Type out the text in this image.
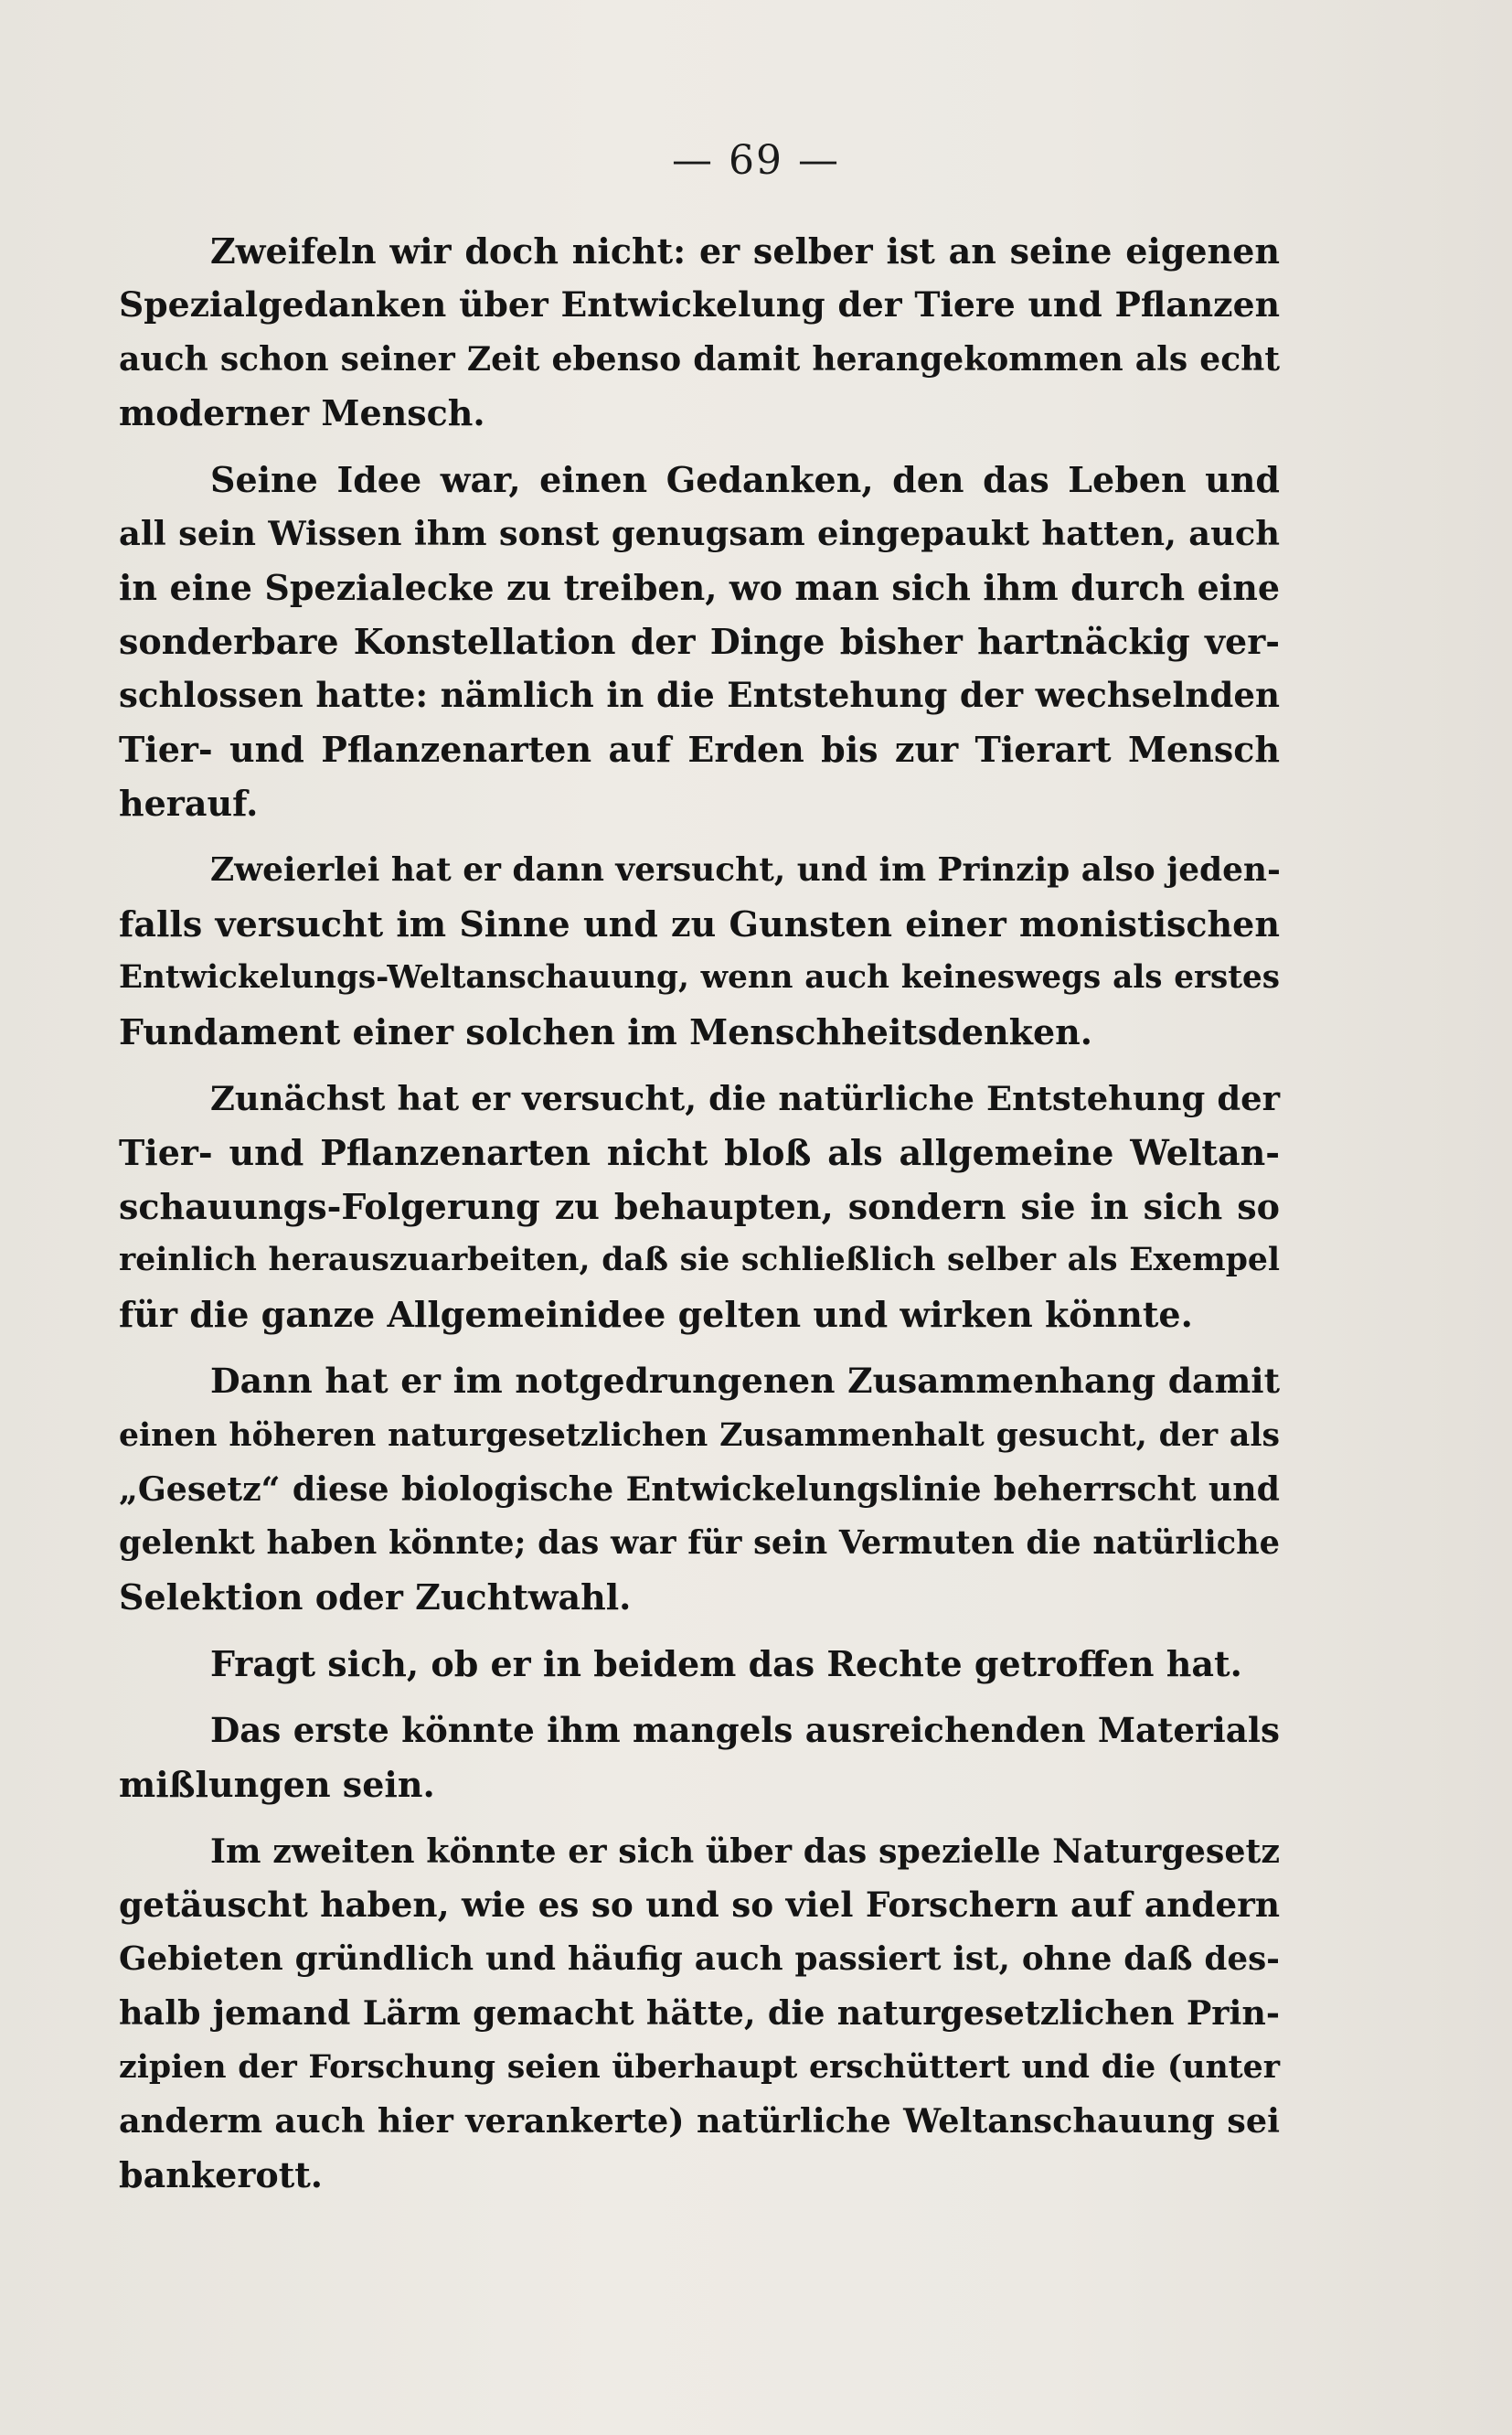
— 69 —
Zweifeln wir doch nicht: er selber ist an seine eigenen
Spezialgedanken über Entwickelung der Tiere und Pflanzen
auch schon seiner Zeit ebenso damit herangekommen als echt
moderner Mensch.
Seine Idee war, einen Gedanken, den das Leben und
all sein Wissen ihm sonst genugsam eingepaukt hatten, auch
in eine Spezialecke zu treiben, wo man sich ihm durch eine
sonderbare Konstellation der Dinge bisher hartnäckig ver-
schlossen hatte: nämlich in die Entstehung der wechselnden
Tier- und Pflanzenarten auf Erden bis zur Tierart Mensch
herauf.
Zweierlei hat er dann versucht, und im Prinzip also jeden-
falls versucht im Sinne und zu Gunsten einer monistischen
Entwickelungs-Weltanschauung, wenn auch keineswegs als erstes
Fundament einer solchen im Menschheitsdenken.
Zunächst hat er versucht, die natürliche Entstehung der
Tier- und Pflanzenarten nicht bloß als allgemeine Weltan-
schauungs-Folgerung zu behaupten, sondern sie in sich so
reinlich herauszuarbeiten, daß sie schließlich selber als Exempel
für die ganze Allgemeinidee gelten und wirken könnte.
Dann hat er im notgedrungenen Zusammenhang damit
einen höheren naturgesetzlichen Zusammenhalt gesucht, der als
„Gesetz“ diese biologische Entwickelungslinie beherrscht und
gelenkt haben könnte; das war für sein Vermuten die natürliche
Selektion oder Zuchtwahl.
Fragt sich, ob er in beidem das Rechte getroffen hat.
Das erste könnte ihm mangels ausreichenden Materials
mißlungen sein.
Im zweiten könnte er sich über das spezielle Naturgesetz
getäuscht haben, wie es so und so viel Forschern auf andern
Gebieten gründlich und häufig auch passiert ist, ohne daß des-
halb jemand Lärm gemacht hätte, die naturgesetzlichen Prin-
zipien der Forschung seien überhaupt erschüttert und die (unter
anderm auch hier verankerte) natürliche Weltanschauung sei
bankerott.
